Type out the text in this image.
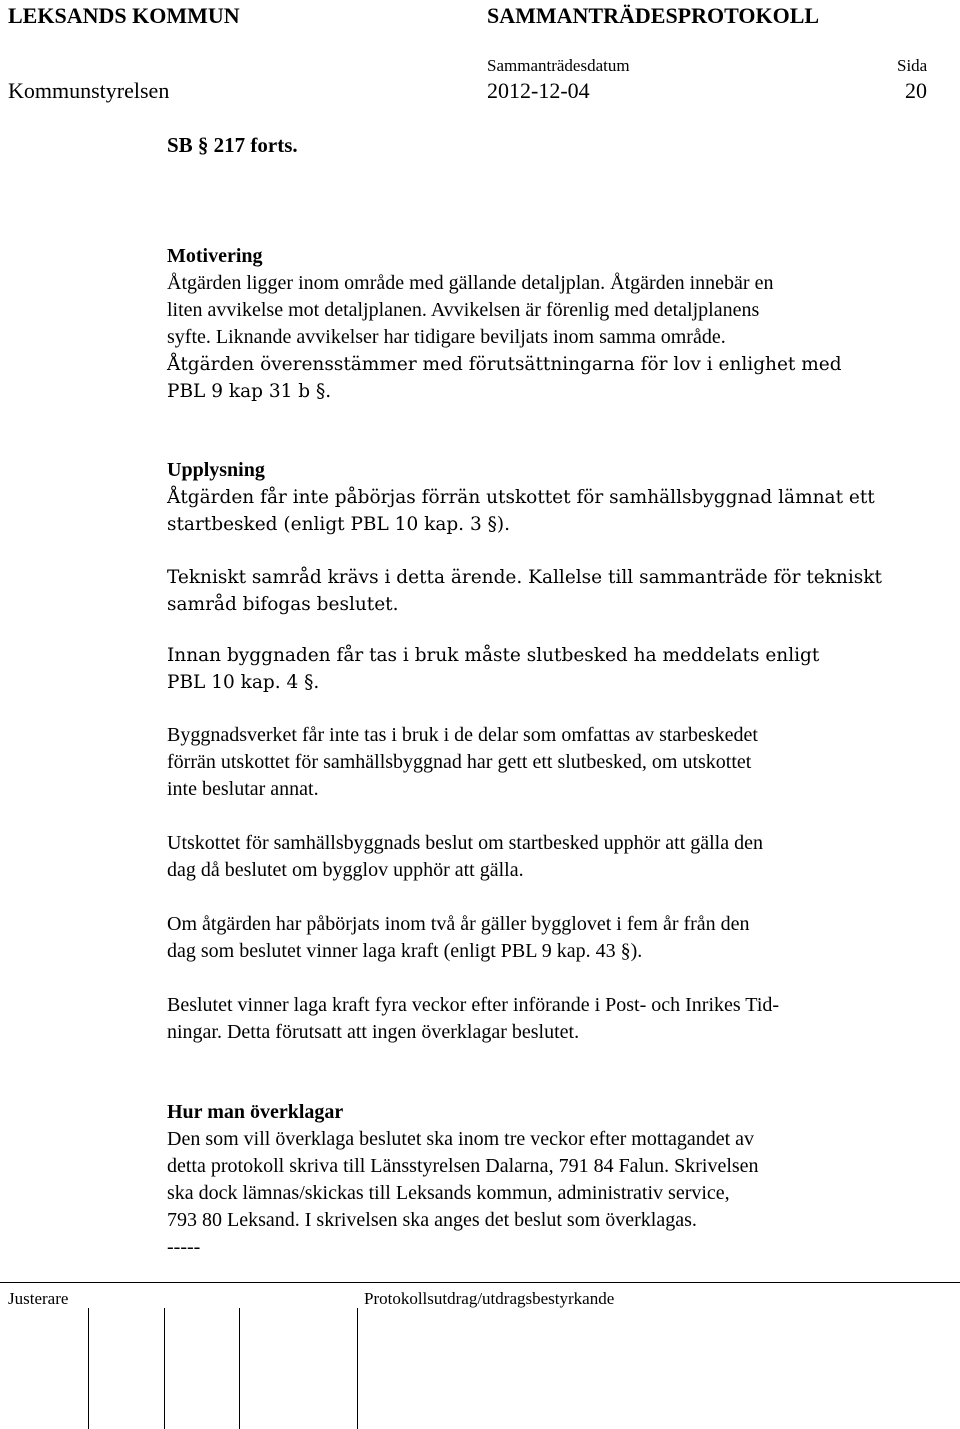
LEKSANDS KOMMUN	SAMMANTRÄDESPROTOKOLL
Sammanträdesdatum	Sida
Kommunstyrelsen	2012-12-04	20
SB § 217 forts.

Motivering

Åtgärden ligger inom område med gällande detaljplan. Åtgärden innebär en

liten avvikelse mot detaljplanen. Avvikelsen är förenlig med detaljplanens

syfte. Liknande avvikelser har tidigare beviljats inom samma område.

Åtgärden överensstämmer med förutsättningarna för lov i enlighet med

PBL 9 kap 31 b §.

Upplysning

Åtgärden får inte påbörjas förrän utskottet för samhällsbyggnad lämnat ett

startbesked (enligt PBL 10 kap. 3 §).

Tekniskt samråd krävs i detta ärende. Kallelse till sammanträde för tekniskt

samråd bifogas beslutet.

Innan byggnaden får tas i bruk måste slutbesked ha meddelats enligt

PBL 10 kap. 4 §.

Byggnadsverket får inte tas i bruk i de delar som omfattas av starbeskedet

förrän utskottet för samhällsbyggnad har gett ett slutbesked, om utskottet

inte beslutar annat.

Utskottet för samhällsbyggnads beslut om startbesked upphör att gälla den

dag då beslutet om bygglov upphör att gälla.

Om åtgärden har påbörjats inom två år gäller bygglovet i fem år från den

dag som beslutet vinner laga kraft (enligt PBL 9 kap. 43 §).

Beslutet vinner laga kraft fyra veckor efter införande i Post- och Inrikes Tid-

ningar. Detta förutsatt att ingen överklagar beslutet.

Hur man överklagar

Den som vill överklaga beslutet ska inom tre veckor efter mottagandet av

detta protokoll skriva till Länsstyrelsen Dalarna, 791 84 Falun. Skrivelsen

ska dock lämnas/skickas till Leksands kommun, administrativ service,

793 80 Leksand. I skrivelsen ska anges det beslut som överklagas.

-----

Justerare	Protokollsutdrag/utdragsbestyrkande
